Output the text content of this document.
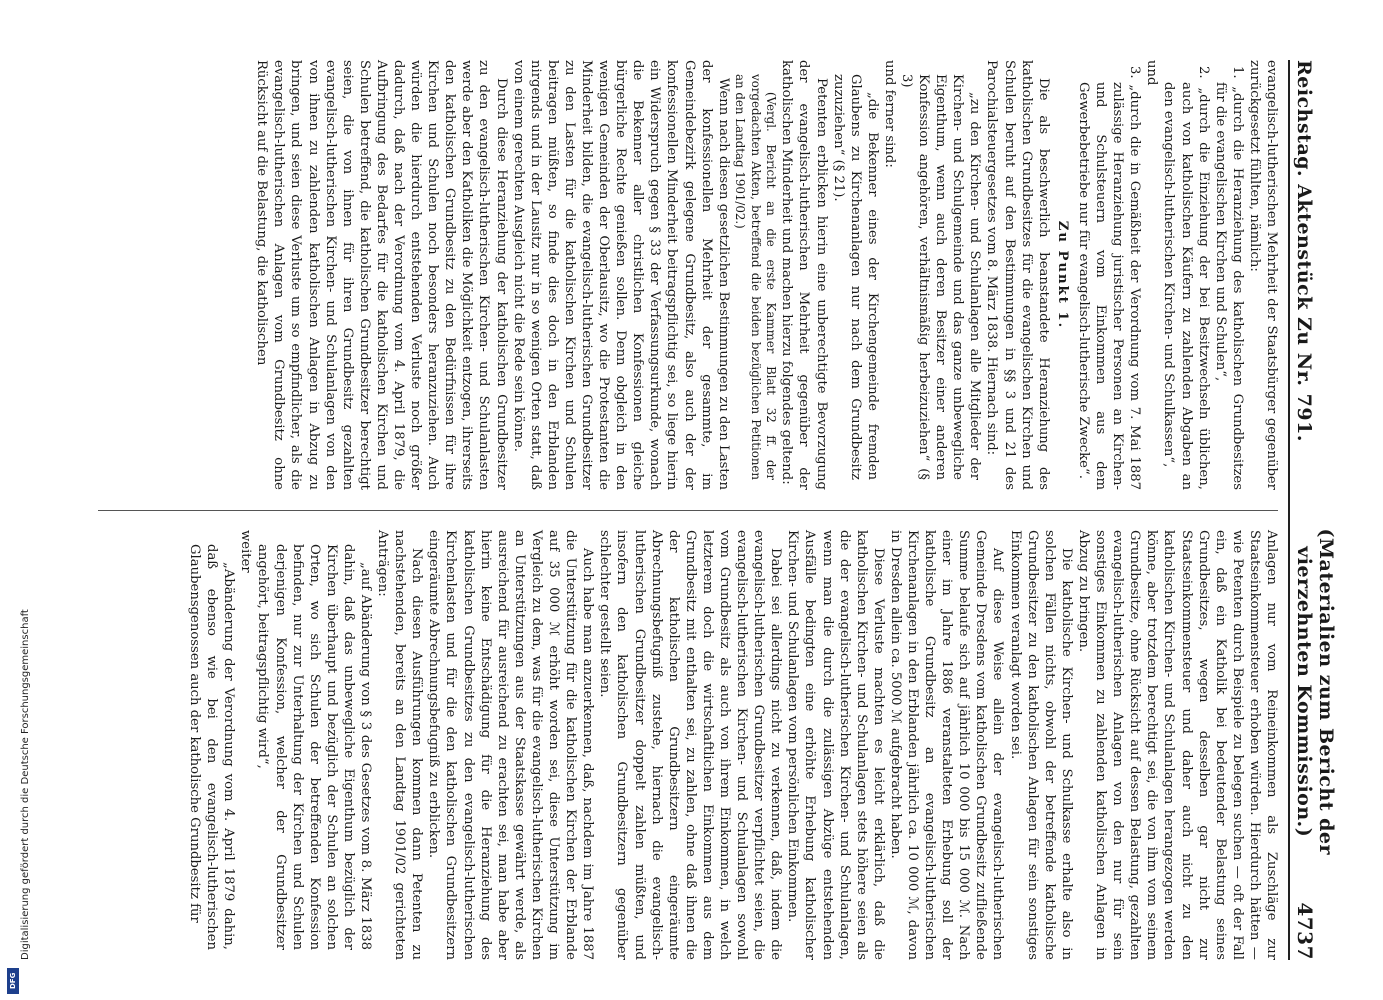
Reichstag. Aktenstück Zu Nr. 791.
(Materialien zum Bericht der vierzehnten Kommission.)
4737

evangelisch-lutherischen Mehrheit der Staatsbürger gegenüber zurückgesetzt fühlten, nämlich:

1. „durch die Heranziehung des katholischen Grundbesitzes für die evangelischen Kirchen und Schulen“,

2. „durch die Einziehung der bei Besitzwechseln üblichen, auch von katholischen Käufern zu zahlenden Abgaben an den evangelisch-lutherischen Kirchen- und Schulkassen“,

und

3. „durch die in Gemäßheit der Verordnung vom 7. Mai 1887 zulässige Heranziehung juristischer Personen an Kirchen- und Schulsteuern vom Einkommen aus dem Gewerbebetriebe nur für evangelisch-lutherische Zwecke“.

Zu Punkt 1.

Die als beschwerlich beanstandete Heranziehung des katholischen Grundbesitzes für die evangelischen Kirchen und Schulen beruht auf den Bestimmungen in §§ 3 und 21 des Parochialsteuergesetzes vom 8. März 1838. Hiernach sind:

„zu den Kirchen- und Schulanlagen alle Mitglieder der Kirchen- und Schulgemeinde und das ganze unbewegliche Eigenthum, wenn auch deren Besitzer einer anderen Konfession angehören, verhältnismäßig herbeizuziehen“ (§ 3)

und ferner sind:

„die Bekenner eines der Kirchengemeinde fremden Glaubens zu Kirchenanlagen nur nach dem Grundbesitz zuzuziehen“ (§ 21).

Petenten erblicken hierin eine unberechtigte Bevorzugung der evangelisch-lutherischen Mehrheit gegenüber der katholischen Minderheit und machen hierzu folgendes geltend:

(Vergl. Bericht an die erste Kammer Blatt 32 ff. der vorgedachten Akten, betreffend die beiden bezüglichen Petitionen an den Landtag 1901/02.)

Wenn nach diesen gesetzlichen Bestimmungen zu den Lasten der konfessionellen Mehrheit der gesammte, im Gemeindebezirk gelegene Grundbesitz, also auch der der konfessionellen Minderheit beitragspflichtig sei, so liege hierin ein Widerspruch gegen § 33 der Verfassungsurkunde, wonach die Bekenner aller christlichen Konfessionen gleiche bürgerliche Rechte genießen sollen. Denn obgleich in den wenigen Gemeinden der Oberlausitz, wo die Protestanten die Minderheit bilden, die evangelisch-lutherischen Grundbesitzer zu den Lasten für die katholischen Kirchen und Schulen beitragen müßten, so finde dies doch in den Erblanden nirgends und in der Lausitz nur in so wenigen Orten statt, daß von einem gerechten Ausgleich nicht die Rede sein könne.

Durch diese Heranziehung der katholischen Grundbesitzer zu den evangelisch-lutherischen Kirchen- und Schulanlasten werde aber den Katholiken die Möglichkeit entzogen, ihrerseits den katholischen Grundbesitz zu den Bedürfnissen für ihre Kirchen und Schulen noch besonders heranzuziehen. Auch würden die hierdurch entstehenden Verluste noch größer dadurch, daß nach der Verordnung vom 4. April 1879, die Aufbringung des Bedarfes für die katholischen Kirchen und Schulen betreffend, die katholischen Grundbesitzer berechtigt seien, die von ihnen für ihren Grundbesitz gezahlten evangelisch-lutherischen Kirchen- und Schulanlagen von den von ihnen zu zahlenden katholischen Anlagen in Abzug zu bringen, und seien diese Verluste um so empfindlicher, als die evangelisch-lutherischen Anlagen vom Grundbesitz ohne Rücksicht auf die Belastung, die katholischen

Anlagen nur vom Reineinkommen als Zuschläge zur Staatseinkommensteuer erhoben würden. Hierdurch hätten — wie Petenten durch Beispiele zu belegen suchen — oft der Fall ein, daß ein Katholik bei bedeutender Belastung seines Grundbesitzes, wegen desselben gar nicht zur Staatseinkommensteuer und daher auch nicht zu den katholischen Kirchen- und Schulanlagen herangezogen werden könne, aber trotzdem berechtigt sei, die von ihm vom seinem Grundbesitze, ohne Rücksicht auf dessen Belastung, gezahlten evangelisch-lutherischen Anlagen von den nur für sein sonstiges Einkommen zu zahlenden katholischen Anlagen in Abzug zu bringen.

Die katholische Kirchen- und Schulkasse erhalte also in solchen Fällen nichts, obwohl der betreffende katholische Grundbesitzer zu den katholischen Anlagen für sein sonstiges Einkommen veranlagt worden sei.

Auf diese Weise allein der evangelisch-lutherischen Gemeinde Dresdens vom katholischen Grundbesitz zufließende Summe belaufe sich auf jährlich 10 000 bis 15 000 ℳ. Nach einer im Jahre 1886 veranstalteten Erhebung soll der katholische Grundbesitz an evangelisch-lutherischen Kirchenanlagen in den Erblanden jährlich ca. 10 000 ℳ, davon in Dresden allein ca. 5000 ℳ aufgebracht haben.

Diese Verluste machten es leicht erklärlich, daß die katholischen Kirchen- und Schulanlagen stets höhere seien als die der evangelisch-lutherischen Kirchen- und Schulanlagen, wenn man die durch die zulässigen Abzüge entstehenden Ausfälle bedingten eine erhöhte Erhebung katholischer Kirchen- und Schulanlagen vom persönlichen Einkommen.

Dabei sei allerdings nicht zu verkennen, daß, indem die evangelisch-lutherischen Grundbesitzer verpflichtet seien, die evangelisch-lutherischen Kirchen- und Schulanlagen sowohl vom Grundbesitz als auch von ihrem Einkommen, in welch letzterem doch die wirtschaftlichen Einkommen aus dem Grundbesitz mit enthalten sei, zu zahlen, ohne daß ihnen die der katholischen Grundbesitzern eingeräumte Abrechnungsbefugniß zustehe, hiernach die evangelisch-lutherischen Grundbesitzer doppelt zahlen müßten, und insofern den katholischen Grundbesitzern gegenüber schlechter gestellt seien.

Auch habe man anzuerkennen, daß, nachdem im Jahre 1887 die Unterstützung für die katholischen Kirchen der Erblande auf 35 000 ℳ erhöht worden sei, diese Unterstützung im Vergleich zu dem, was für die evangelisch-lutherischen Kirchen an Unterstützungen aus der Staatskasse gewährt werde, als ausreichend für ausreichend zu erachten sei, man habe aber hierin keine Entschädigung für die Heranziehung des katholischen Grundbesitzes zu den evangelisch-lutherischen Kirchenlasten und für die den katholischen Grundbesitzern eingeräumte Abrechnungsbefugniß zu erblicken.

Nach diesen Ausführungen kommen dann Petenten zu nachstehenden, bereits an den Landtag 1901/02 gerichteten Anträgen:

„auf Abänderung von § 3 des Gesetzes vom 8. März 1838 dahin, daß das unbewegliche Eigenthum bezüglich der Kirchen überhaupt und bezüglich der Schulen an solchen Orten, wo sich Schulen der betreffenden Konfession befinden, nur zur Unterhaltung der Kirchen und Schulen derjenigen Konfession, welcher der Grundbesitzer angehört, beitragspflichtig wird“,

weiter

„Abänderung der Verordnung vom 4. April 1879 dahin, daß ebenso wie bei den evangelisch-lutherischen Glaubensgenossen auch der katholische Grundbesitz für

Digitalisierung gefördert durch die Deutsche Forschungsgemeinschaft
DFG
